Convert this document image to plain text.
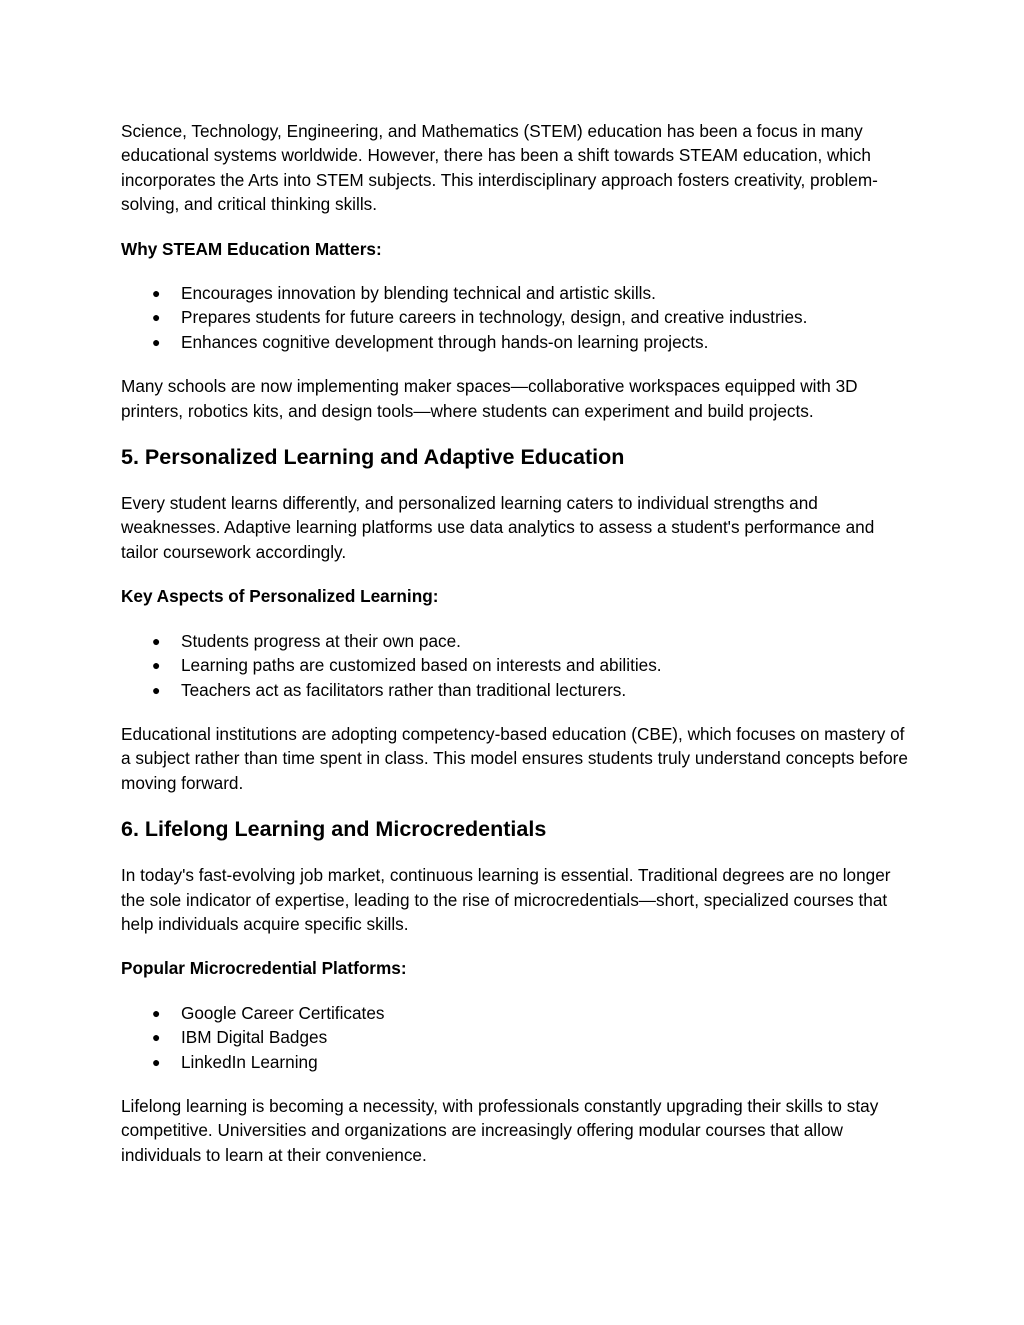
Science, Technology, Engineering, and Mathematics (STEM) education has been a focus in many educational systems worldwide. However, there has been a shift towards STEAM education, which incorporates the Arts into STEM subjects. This interdisciplinary approach fosters creativity, problem-solving, and critical thinking skills.

Why STEAM Education Matters:

● Encourages innovation by blending technical and artistic skills.
● Prepares students for future careers in technology, design, and creative industries.
● Enhances cognitive development through hands-on learning projects.

Many schools are now implementing maker spaces—collaborative workspaces equipped with 3D printers, robotics kits, and design tools—where students can experiment and build projects.

5. Personalized Learning and Adaptive Education

Every student learns differently, and personalized learning caters to individual strengths and weaknesses. Adaptive learning platforms use data analytics to assess a student's performance and tailor coursework accordingly.

Key Aspects of Personalized Learning:

● Students progress at their own pace.
● Learning paths are customized based on interests and abilities.
● Teachers act as facilitators rather than traditional lecturers.

Educational institutions are adopting competency-based education (CBE), which focuses on mastery of a subject rather than time spent in class. This model ensures students truly understand concepts before moving forward.

6. Lifelong Learning and Microcredentials

In today's fast-evolving job market, continuous learning is essential. Traditional degrees are no longer the sole indicator of expertise, leading to the rise of microcredentials—short, specialized courses that help individuals acquire specific skills.

Popular Microcredential Platforms:

● Google Career Certificates
● IBM Digital Badges
● LinkedIn Learning

Lifelong learning is becoming a necessity, with professionals constantly upgrading their skills to stay competitive. Universities and organizations are increasingly offering modular courses that allow individuals to learn at their convenience.
